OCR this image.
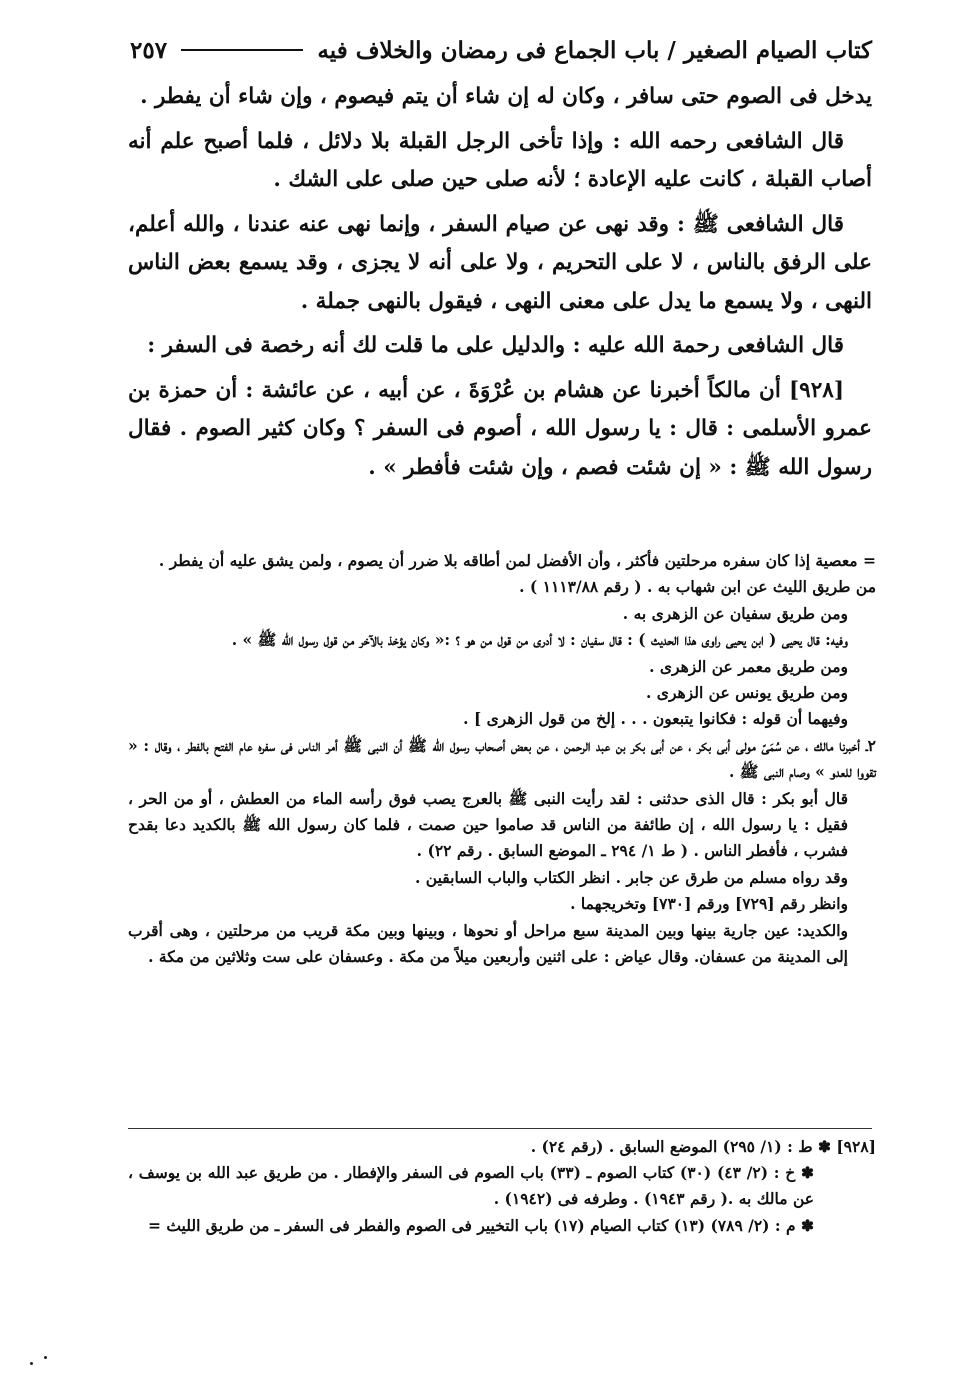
كتاب الصيام الصغير / باب الجماع فى رمضان والخلاف فيه
٢٥٧

يدخل فى الصوم حتى سافر ، وكان له إن شاء أن يتم فيصوم ، وإن شاء أن يفطر .

قال الشافعى رحمه الله : وإذا تأخى الرجل القبلة بلا دلائل ، فلما أصبح علم أنه أصاب القبلة ، كانت عليه الإعادة ؛ لأنه صلى حين صلى على الشك .

قال الشافعى ﷺ : وقد نهى عن صيام السفر ، وإنما نهى عنه عندنا ، والله أعلم، على الرفق بالناس ، لا على التحريم ، ولا على أنه لا يجزى ، وقد يسمع بعض الناس النهى ، ولا يسمع ما يدل على معنى النهى ، فيقول بالنهى جملة .

قال الشافعى رحمة الله عليه : والدليل على ما قلت لك أنه رخصة فى السفر :

[٩٢٨] أن مالكاً أخبرنا عن هشام بن عُرْوَةَ ، عن أبيه ، عن عائشة : أن حمزة بن عمرو الأسلمى : قال : يا رسول الله ، أصوم فى السفر ؟ وكان كثير الصوم . فقال رسول الله ﷺ : « إن شئت فصم ، وإن شئت فأفطر » .

= معصية إذا كان سفره مرحلتين فأكثر ، وأن الأفضل لمن أطاقه بلا ضرر أن يصوم ، ولمن يشق عليه أن يفطر .

من طريق الليث عن ابن شهاب به . ( رقم ١١١٣/٨٨ ) .

ومن طريق سفيان عن الزهرى به .

وفيه: قال يحيى ( ابن يحيى راوى هذا الحديث ) : قال سفيان : لا أدرى من قول من هو ؟ :« وكان يؤخذ بالآخر من قول رسول الله ﷺ » .

ومن طريق معمر عن الزهرى .

ومن طريق يونس عن الزهرى .

وفيهما أن قوله : فكانوا يتبعون . . . إلخ من قول الزهرى ] .

٢ـ أخبرنا مالك ، عن سُمَىّ مولى أبى بكر ، عن أبى بكر بن عبد الرحمن ، عن بعض أصحاب رسول الله ﷺ أن النبى ﷺ أمر الناس فى سفره عام الفتح بالفطر ، وقال : « تقووا للعدو » وصام النبى ﷺ .

قال أبو بكر : قال الذى حدثنى : لقد رأيت النبى ﷺ بالعرج يصب فوق رأسه الماء من العطش ، أو من الحر ، فقيل : يا رسول الله ، إن طائفة من الناس قد صاموا حين صمت ، فلما كان رسول الله ﷺ بالكديد دعا بقدح فشرب ، فأفطر الناس . ( ط ١/ ٢٩٤ ـ الموضع السابق . رقم ٢٢) .

وقد رواه مسلم من طرق عن جابر . انظر الكتاب والباب السابقين .

وانظر رقم [٧٢٩] ورقم [٧٣٠] وتخريجهما .

والكديد: عين جارية بينها وبين المدينة سبع مراحل أو نحوها ، وبينها وبين مكة قريب من مرحلتين ، وهى أقرب إلى المدينة من عسفان. وقال عياض : على اثنين وأربعين ميلاً من مكة . وعسفان على ست وثلاثين من مكة .

[٩٢٨] ✽ ط : (١/ ٢٩٥) الموضع السابق . (رقم ٢٤) .

✽ خ : (٢/ ٤٣) (٣٠) كتاب الصوم ـ (٣٣) باب الصوم فى السفر والإفطار . من طريق عبد الله بن يوسف ، عن مالك به .( رقم ١٩٤٣) . وطرفه فى (١٩٤٢) .

✽ م : (٢/ ٧٨٩) (١٣) كتاب الصيام (١٧) باب التخيير فى الصوم والفطر فى السفر ـ من طريق الليث =
